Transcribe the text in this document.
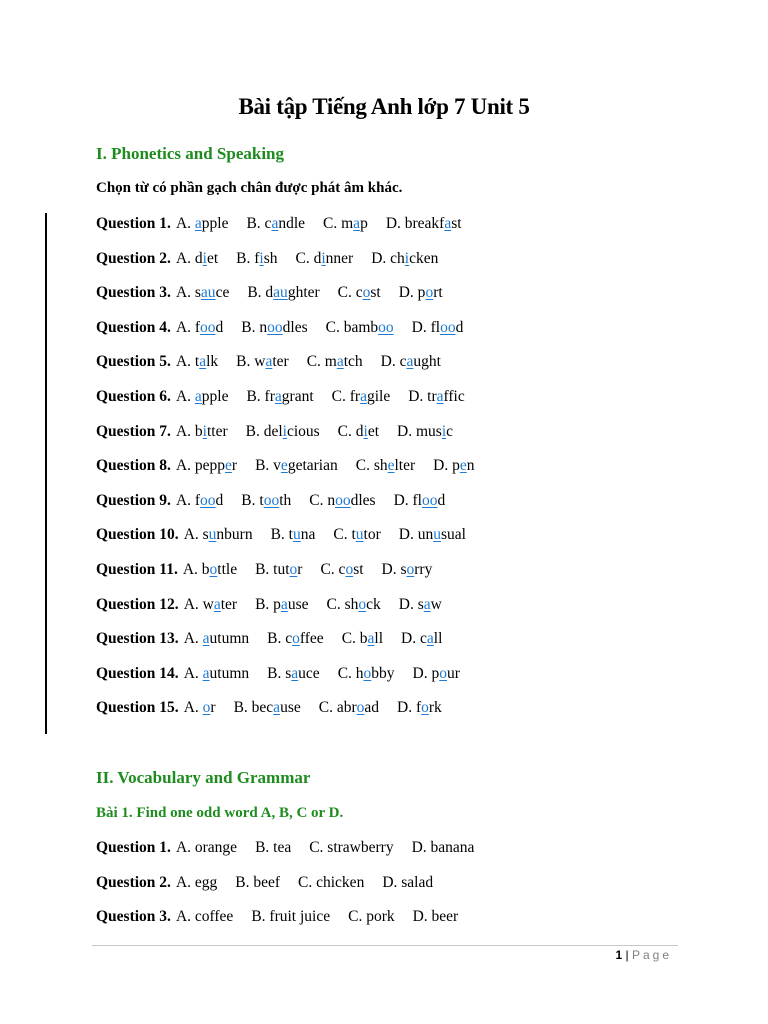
Bài tập Tiếng Anh lớp 7 Unit 5
I. Phonetics and Speaking
Chọn từ có phần gạch chân được phát âm khác.
Question 1. A. apple B. candle C. map D. breakfast
Question 2. A. diet B. fish C. dinner D. chicken
Question 3. A. sauce B. daughter C. cost D. port
Question 4. A. food B. noodles C. bamboo D. flood
Question 5. A. talk B. water C. match D. caught
Question 6. A. apple B. fragrant C. fragile D. traffic
Question 7. A. bitter B. delicious C. diet D. music
Question 8. A. pepper B. vegetarian C. shelter D. pen
Question 9. A. food B. tooth C. noodles D. flood
Question 10. A. sunburn B. tuna C. tutor D. unusual
Question 11. A. bottle B. tutor C. cost D. sorry
Question 12. A. water B. pause C. shock D. saw
Question 13. A. autumn B. coffee C. ball D. call
Question 14. A. autumn B. sauce C. hobby D. pour
Question 15. A. or B. because C. abroad D. fork
II. Vocabulary and Grammar
Bài 1. Find one odd word A, B, C or D.
Question 1. A. orange B. tea C. strawberry D. banana
Question 2. A. egg B. beef C. chicken D. salad
Question 3. A. coffee B. fruit juice C. pork D. beer
1 | Page
